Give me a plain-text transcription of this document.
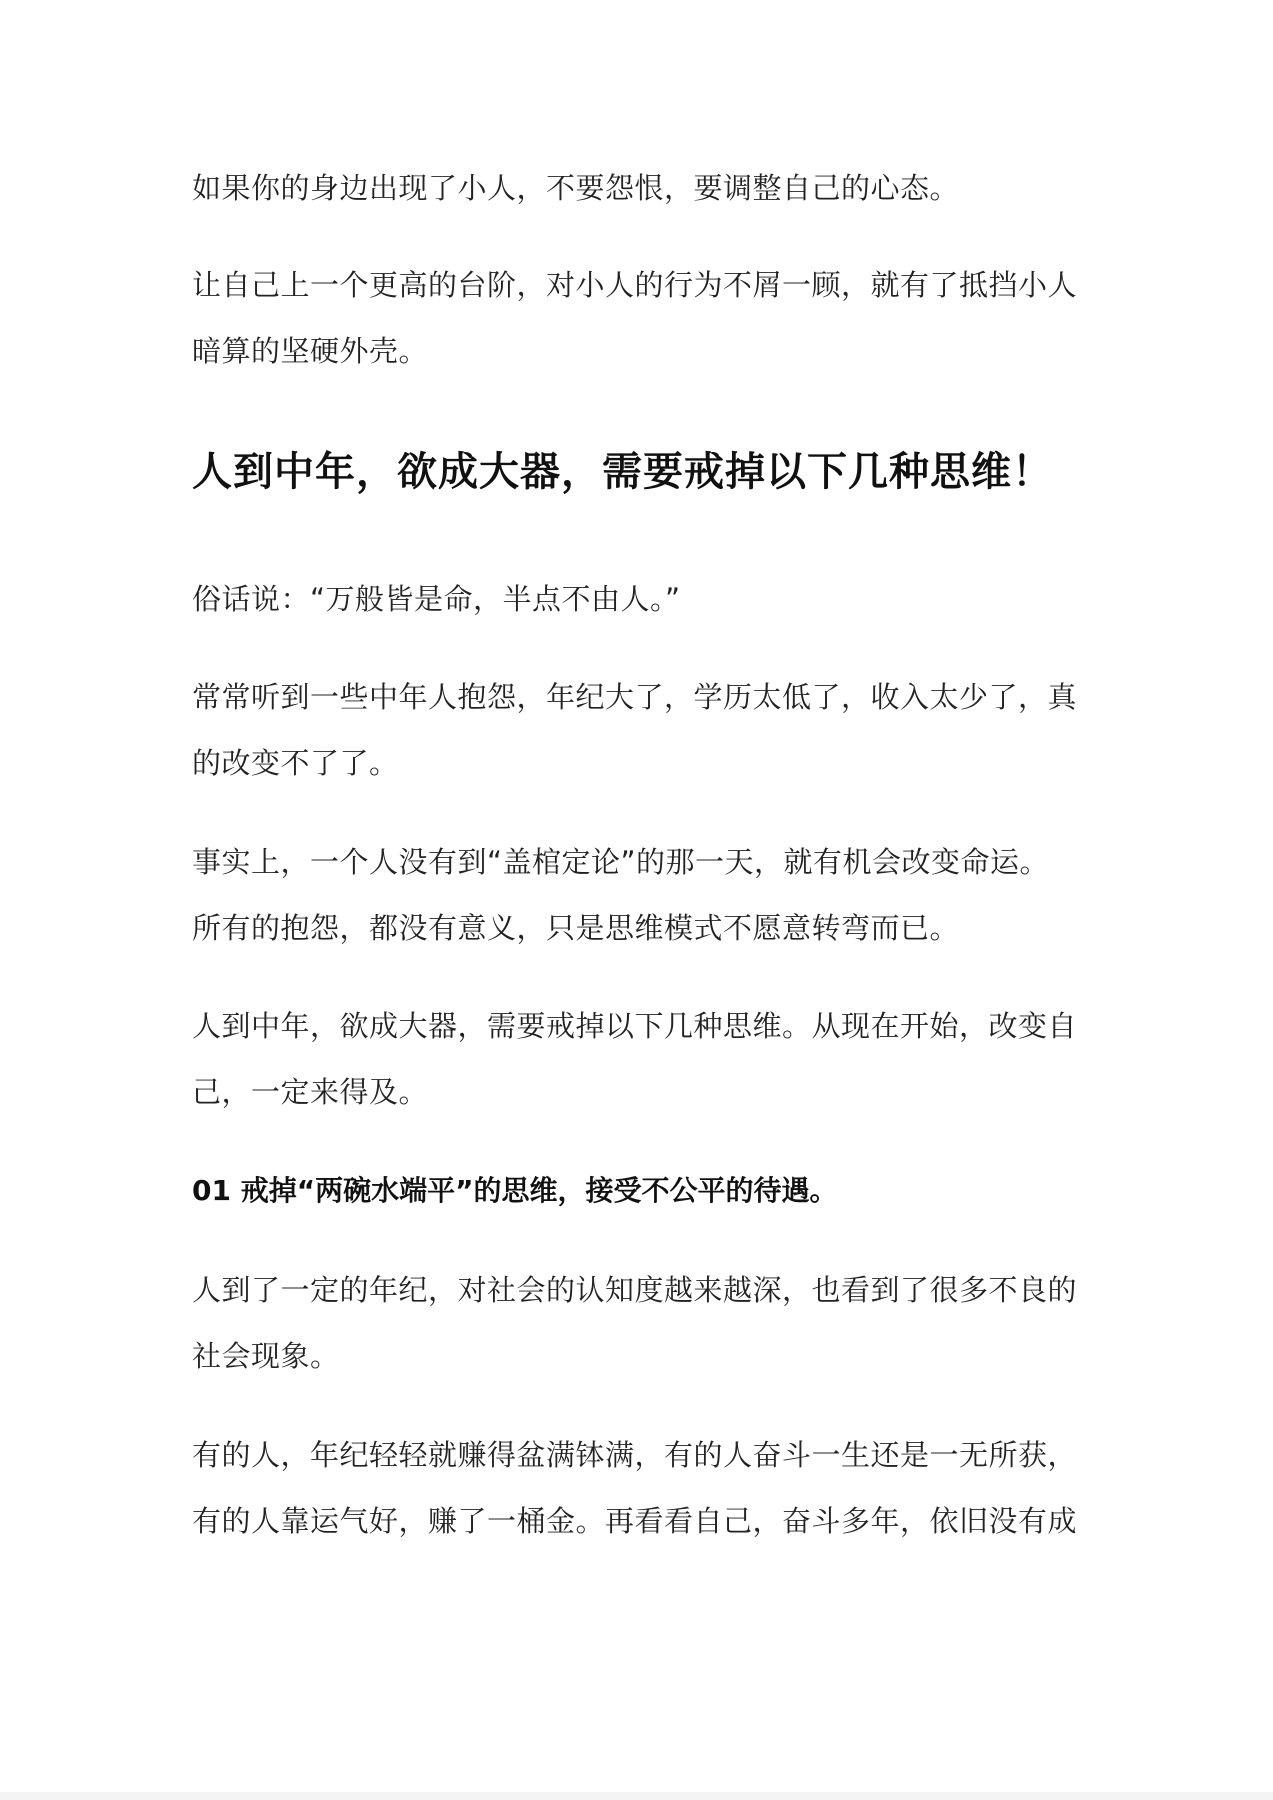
如果你的身边出现了小人，不要怨恨，要调整自己的心态。

让自己上一个更高的台阶，对小人的行为不屑一顾，就有了抵挡小人
暗算的坚硬外壳。

人到中年，欲成大器，需要戒掉以下几种思维！

俗话说：“万般皆是命，半点不由人。”

常常听到一些中年人抱怨，年纪大了，学历太低了，收入太少了，真
的改变不了了。

事实上，一个人没有到“盖棺定论”的那一天，就有机会改变命运。
所有的抱怨，都没有意义，只是思维模式不愿意转弯而已。

人到中年，欲成大器，需要戒掉以下几种思维。从现在开始，改变自
己，一定来得及。

01 戒掉“两碗水端平”的思维，接受不公平的待遇。

人到了一定的年纪，对社会的认知度越来越深，也看到了很多不良的
社会现象。

有的人，年纪轻轻就赚得盆满钵满，有的人奋斗一生还是一无所获，
有的人靠运气好，赚了一桶金。再看看自己，奋斗多年，依旧没有成
